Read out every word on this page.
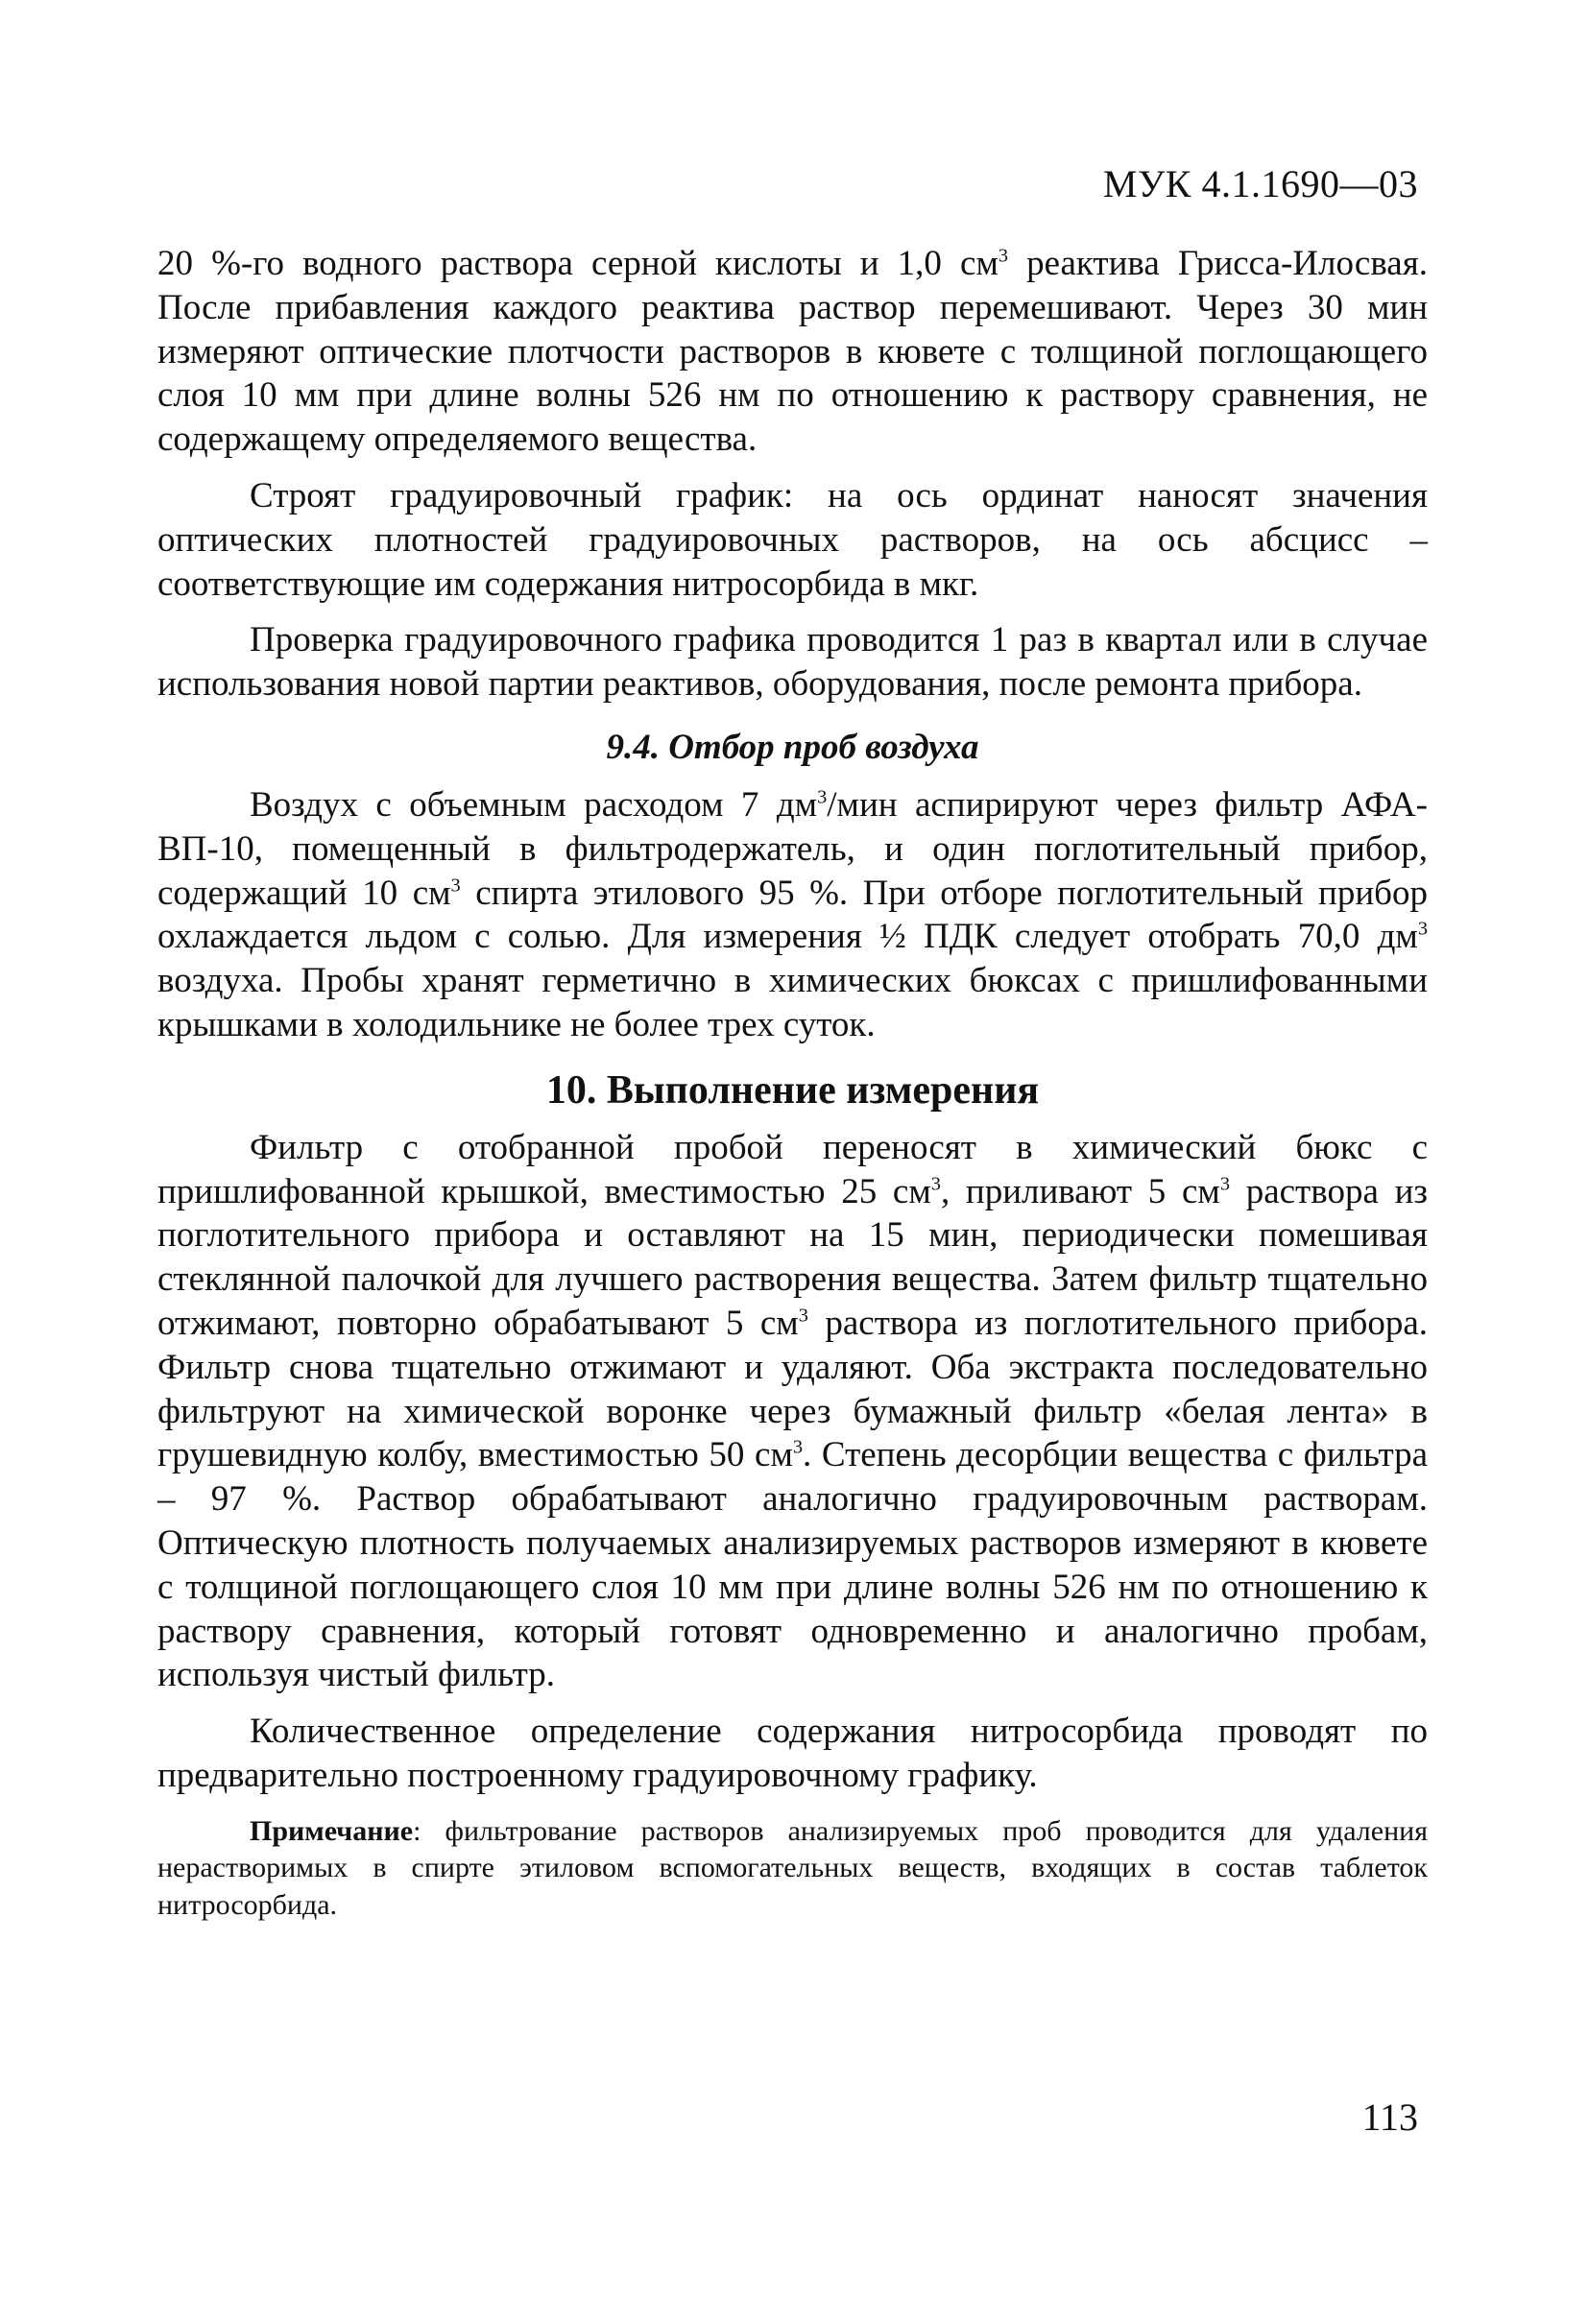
МУК 4.1.1690—03

20 %-го водного раствора серной кислоты и 1,0 $см^3$ реактива Грисса-Илосвая. После прибавления каждого реактива раствор перемешивают. Через 30 мин измеряют оптические плотчости растворов в кювете с толщиной поглощающего слоя 10 мм при длине волны 526 нм по отношению к раствору сравнения, не содержащему определяемого вещества.

Строят градуировочный график: на ось ординат наносят значения оптических плотностей градуировочных растворов, на ось абсцисс – соответствующие им содержания нитросорбида в мкг.

Проверка градуировочного графика проводится 1 раз в квартал или в случае использования новой партии реактивов, оборудования, после ремонта прибора.

9.4. Отбор проб воздуха

Воздух с объемным расходом 7 $дм^3$/мин аспирируют через фильтр АФА-ВП-10, помещенный в фильтродержатель, и один поглотительный прибор, содержащий 10 $см^3$ спирта этилового 95 %. При отборе поглотительный прибор охлаждается льдом с солью. Для измерения ½ ПДК следует отобрать 70,0 $дм^3$ воздуха. Пробы хранят герметично в химических бюксах с пришлифованными крышками в холодильнике не более трех суток.

10. Выполнение измерения

Фильтр с отобранной пробой переносят в химический бюкс с пришлифованной крышкой, вместимостью 25 $см^3$, приливают 5 $см^3$ раствора из поглотительного прибора и оставляют на 15 мин, периодически помешивая стеклянной палочкой для лучшего растворения вещества. Затем фильтр тщательно отжимают, повторно обрабатывают 5 $см^3$ раствора из поглотительного прибора. Фильтр снова тщательно отжимают и удаляют. Оба экстракта последовательно фильтруют на химической воронке через бумажный фильтр «белая лента» в грушевидную колбу, вместимостью 50 $см^3$. Степень десорбции вещества с фильтра – 97 %. Раствор обрабатывают аналогично градуировочным растворам. Оптическую плотность получаемых анализируемых растворов измеряют в кювете с толщиной поглощающего слоя 10 мм при длине волны 526 нм по отношению к раствору сравнения, который готовят одновременно и аналогично пробам, используя чистый фильтр.

Количественное определение содержания нитросорбида проводят по предварительно построенному градуировочному графику.

Примечание: фильтрование растворов анализируемых проб проводится для удаления нерастворимых в спирте этиловом вспомогательных веществ, входящих в состав таблеток нитросорбида.

113
